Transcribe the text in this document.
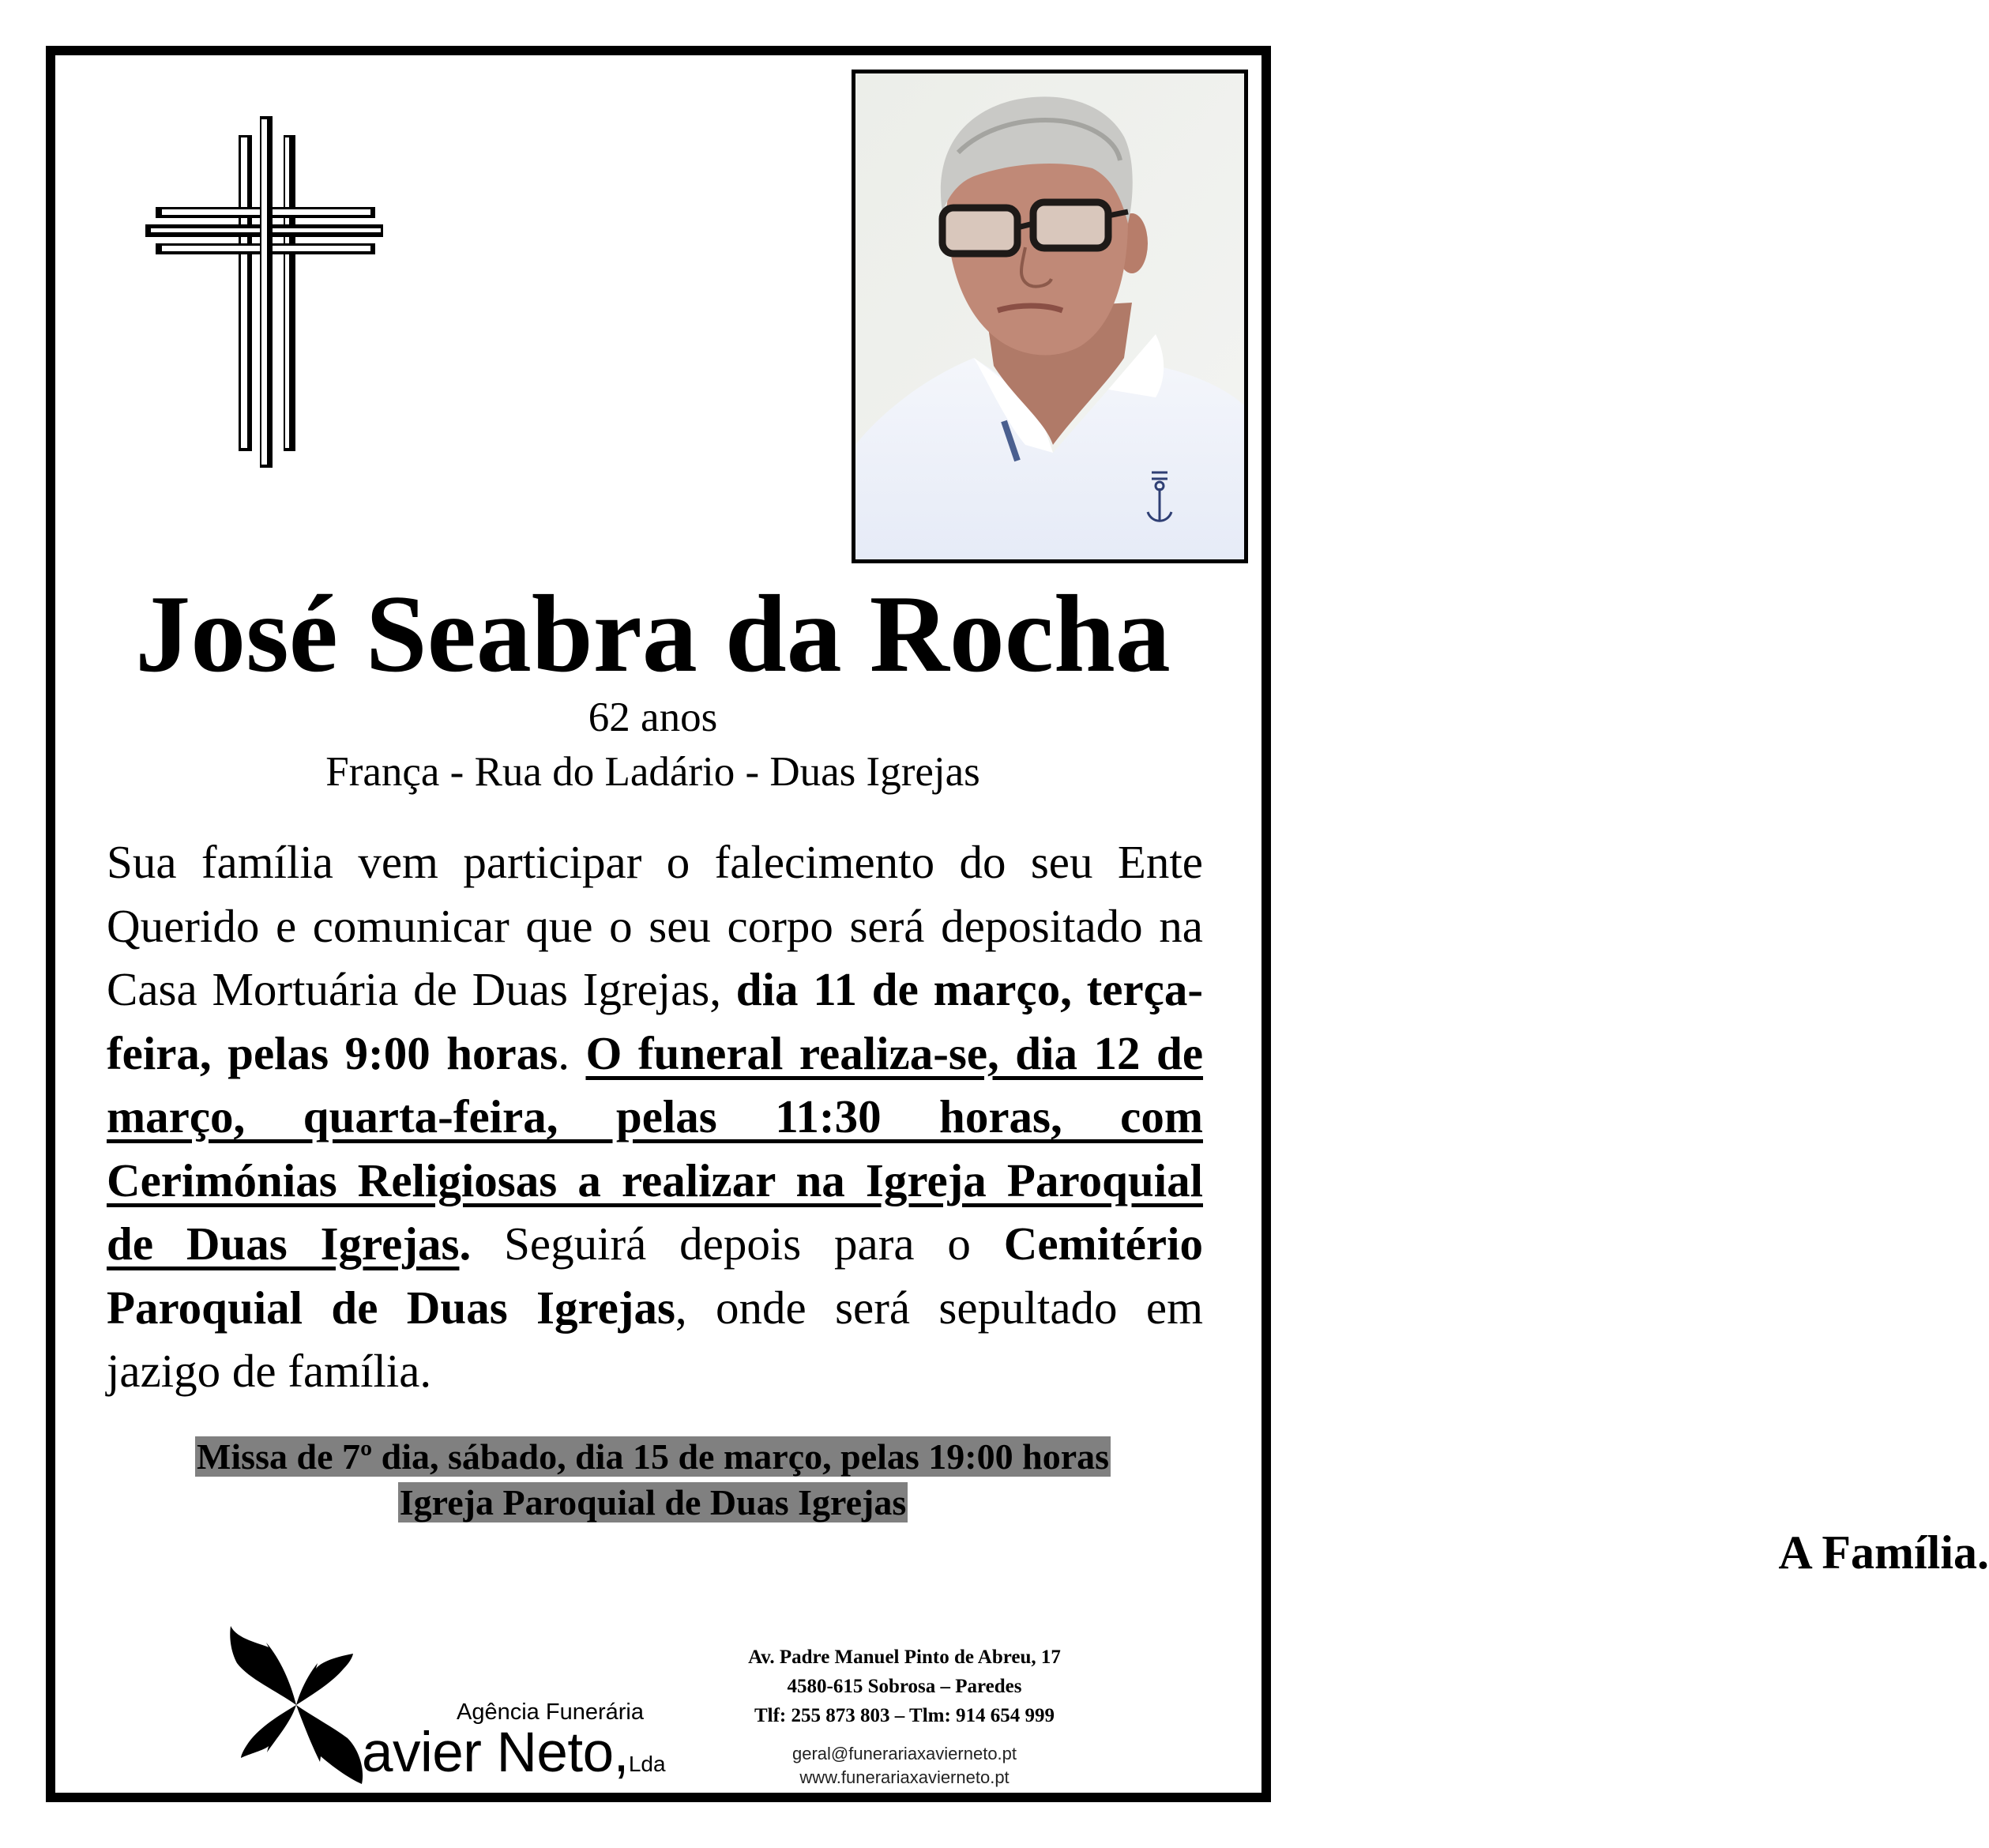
José Seabra da Rocha
62 anos
França - Rua do Ladário - Duas Igrejas
Sua família vem participar o falecimento do seu Ente Querido e comunicar que o seu corpo será depositado na Casa Mortuária de Duas Igrejas, dia 11 de março, terça-feira, pelas 9:00 horas. O funeral realiza-se, dia 12 de março, quarta-feira, pelas 11:30 horas, com Cerimónias Religiosas a realizar na Igreja Paroquial de Duas Igrejas. Seguirá depois para o Cemitério Paroquial de Duas Igrejas, onde será sepultado em jazigo de família.
Missa de 7º dia, sábado, dia 15 de março, pelas 19:00 horas
Igreja Paroquial de Duas Igrejas
A Família.
Agência Funerária
avier Neto,Lda
Av. Padre Manuel Pinto de Abreu, 17
4580-615 Sobrosa – Paredes
Tlf: 255 873 803 – Tlm: 914 654 999
geral@funerariaxavierneto.pt
www.funerariaxavierneto.pt
